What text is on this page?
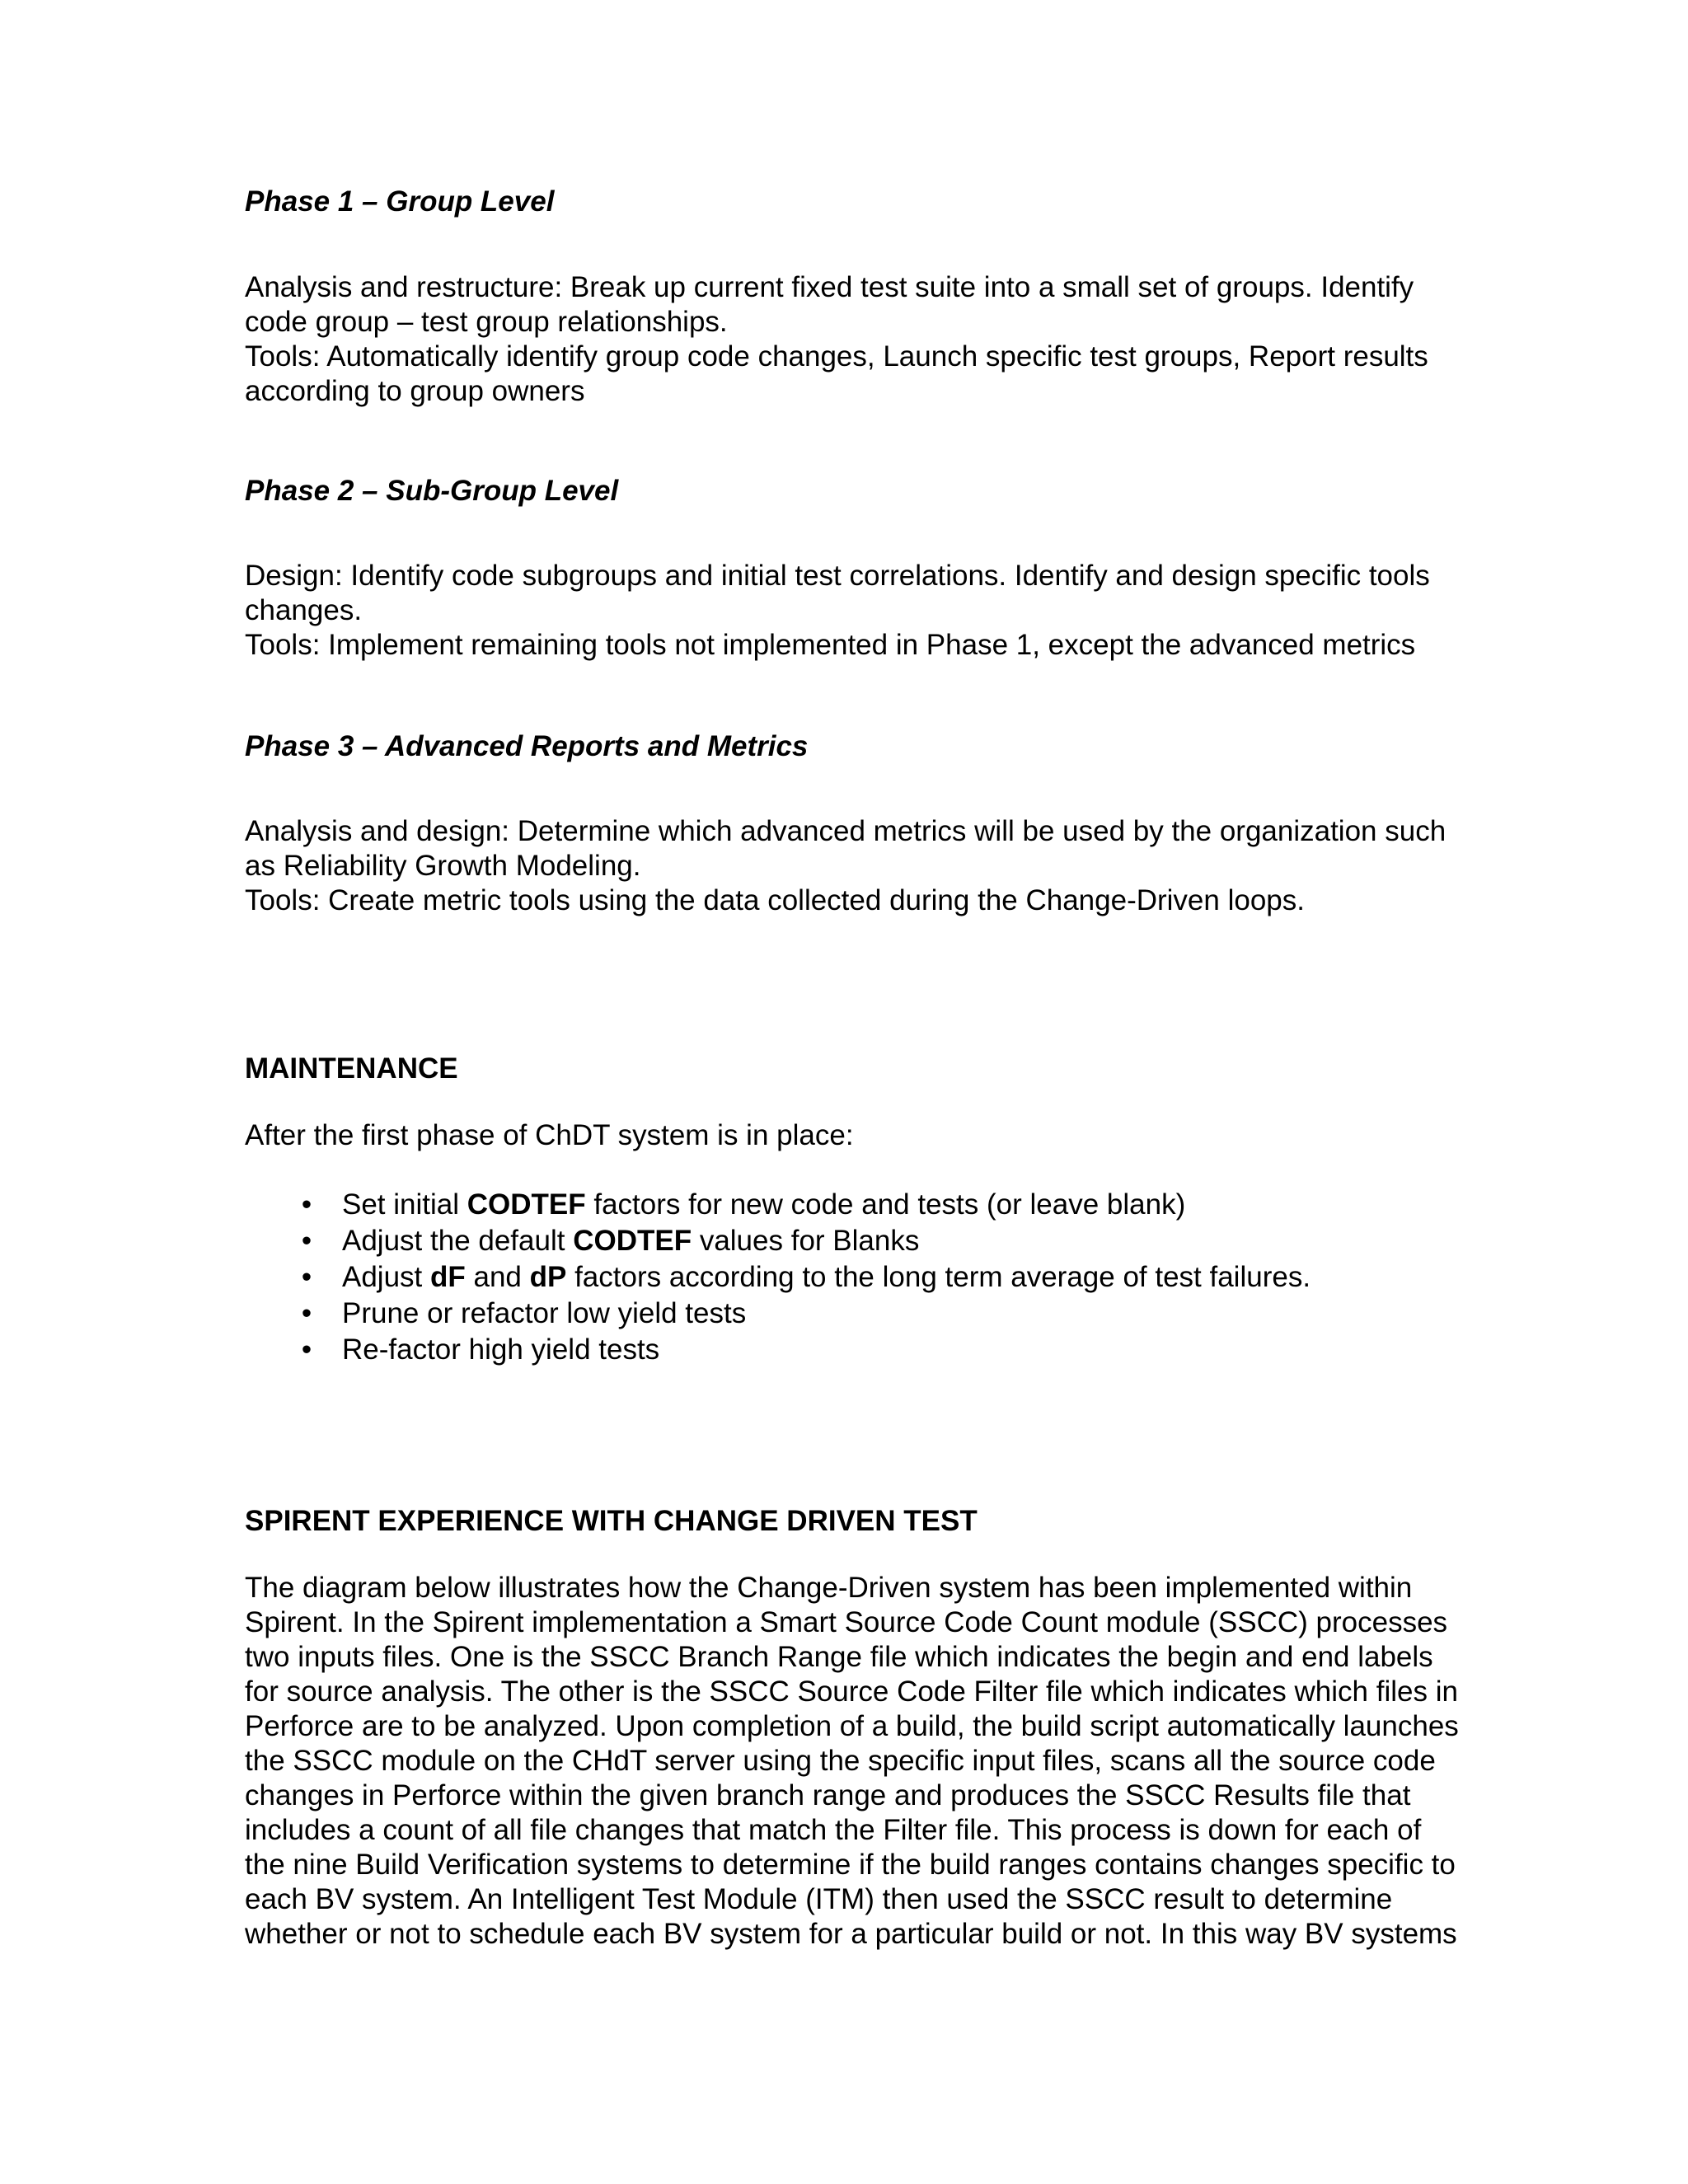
Phase 1 – Group Level
Analysis and restructure: Break up current fixed test suite into a small set of groups. Identify
code group – test group relationships.
Tools: Automatically identify group code changes, Launch specific test groups, Report results
according to group owners
Phase 2 – Sub-Group Level
Design: Identify code subgroups and initial test correlations. Identify and design specific tools
changes.
Tools: Implement remaining tools not implemented in Phase 1, except the advanced metrics
Phase 3 – Advanced Reports and Metrics
Analysis and design: Determine which advanced metrics will be used by the organization such
as Reliability Growth Modeling.
Tools: Create metric tools using the data collected during the Change-Driven loops.
MAINTENANCE
After the first phase of ChDT system is in place:
• Set initial CODTEF factors for new code and tests (or leave blank)
• Adjust the default CODTEF values for Blanks
• Adjust dF and dP factors according to the long term average of test failures.
• Prune or refactor low yield tests
• Re-factor high yield tests
SPIRENT EXPERIENCE WITH CHANGE DRIVEN TEST
The diagram below illustrates how the Change-Driven system has been implemented within
Spirent. In the Spirent implementation a Smart Source Code Count module (SSCC) processes
two inputs files. One is the SSCC Branch Range file which indicates the begin and end labels
for source analysis. The other is the SSCC Source Code Filter file which indicates which files in
Perforce are to be analyzed. Upon completion of a build, the build script automatically launches
the SSCC module on the CHdT server using the specific input files, scans all the source code
changes in Perforce within the given branch range and produces the SSCC Results file that
includes a count of all file changes that match the Filter file. This process is down for each of
the nine Build Verification systems to determine if the build ranges contains changes specific to
each BV system. An Intelligent Test Module (ITM) then used the SSCC result to determine
whether or not to schedule each BV system for a particular build or not. In this way BV systems
